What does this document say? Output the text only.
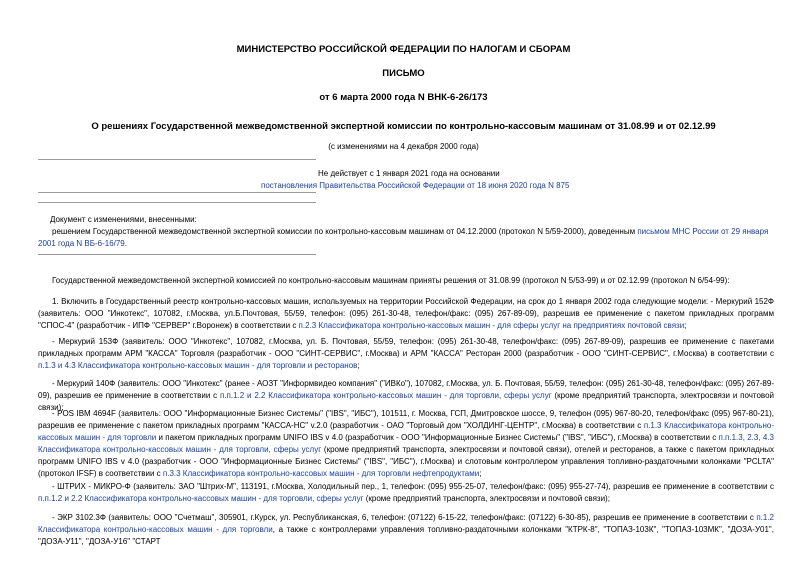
МИНИСТЕРСТВО РОССИЙСКОЙ ФЕДЕРАЦИИ ПО НАЛОГАМ И СБОРАМ
ПИСЬМО
от 6 марта 2000 года N ВНК-6-26/173
О решениях Государственной межведомственной экспертной комиссии по контрольно-кассовым машинам от 31.08.99 и от 02.12.99
(с изменениями на 4 декабря 2000 года)
Не действует с 1 января 2021 года на основании
постановления Правительства Российской Федерации от 18 июня 2020 года N 875
Документ с изменениями, внесенными:
решением Государственной межведомственной экспертной комиссии по контрольно-кассовым машинам от 04.12.2000 (протокол N 5/59-2000), доведенным письмом МНС России от 29 января 2001 года N ВБ-6-16/79.
Государственной межведомственной экспертной комиссией по контрольно-кассовым машинам приняты решения от 31.08.99 (протокол N 5/53-99) и от 02.12.99 (протокол N 6/54-99):
1. Включить в Государственный реестр контрольно-кассовых машин, используемых на территории Российской Федерации, на срок до 1 января 2002 года следующие модели: - Меркурий 152Ф (заявитель: ООО "Инкотекс", 107082, г.Москва, ул.Б.Почтовая, 55/59, телефон: (095) 261-30-48, телефон/факс: (095) 267-89-09), разрешив ее применение с пакетом прикладных программ "СПОС-4" (разработчик - ИПФ "СЕРВЕР" г.Воронеж) в соответствии с п.2.3 Классификатора контрольно-кассовых машин - для сферы услуг на предприятиях почтовой связи;
- Меркурий 153Ф (заявитель: ООО "Инкотекс", 107082, г.Москва, ул. Б. Почтовая, 55/59, телефон: (095) 261-30-48, телефон/факс: (095) 267-89-09), разрешив ее применение с пакетами прикладных программ АРМ "КАССА" Торговля (разработчик - ООО "СИНТ-СЕРВИС", г.Москва) и АРМ "КАССА" Ресторан 2000 (разработчик - ООО "СИНТ-СЕРВИС", г.Москва) в соответствии с п.1.3 и 4.3 Классификатора контрольно-кассовых машин - для торговли и ресторанов;
- Меркурий 140Ф (заявитель: ООО "Инкотекс" (ранее - АОЗТ "Информвидео компания" ("ИВКо"), 107082, г.Москва, ул. Б. Почтовая, 55/59, телефон: (095) 261-30-48, телефон/факс: (095) 267-89-09), разрешив ее применение в соответствии с п.п.1.2 и 2.2 Классификатора контрольно-кассовых машин - для торговли, сферы услуг (кроме предприятий транспорта, электросвязи и почтовой связи);
- POS IBM 4694F (заявитель: ООО "Информационные Бизнес Системы" ("IBS", "ИБС"), 101511, г. Москва, ГСП, Дмитровское шоссе, 9, телефон (095) 967-80-20, телефон/факс (095) 967-80-21), разрешив ее применение с пакетом прикладных программ "КАССА-НС" v.2.0 (разработчик - ОАО "Торговый дом "ХОЛДИНГ-ЦЕНТР", г.Москва) в соответствии с п.1.3 Классификатора контрольно-кассовых машин - для торговли и пакетом прикладных программ UNIFO IBS v 4.0 (разработчик - ООО "Информационные Бизнес Системы" ("IBS", "ИБС"), г.Москва) в соответствии с п.п.1.3, 2.3, 4.3 Классификатора контрольно-кассовых машин - для торговли, сферы услуг (кроме предприятий транспорта, электросвязи и почтовой связи), отелей и ресторанов, а также с пакетом прикладных программ UNIFO IBS v 4.0 (разработчик - ООО "Информационные Бизнес Системы" ("IBS", "ИБС"), г.Москва) и слотовым контроллером управления топливно-раздаточными колонками "PCLTA" (протокол IFSF) в соответствии с п.3.3 Классификатора контрольно-кассовых машин - для торговли нефтепродуктами;
- ШТРИХ - МИКРО-Ф (заявитель: ЗАО "Штрих-М", 113191, г.Москва, Холодильный пер., 1, телефон: (095) 955-25-07, телефон/факс: (095) 955-27-74), разрешив ее применение в соответствии с п.п.1.2 и 2.2 Классификатора контрольно-кассовых машин - для торговли, сферы услуг (кроме предприятий транспорта, электросвязи и почтовой связи);
- ЭКР 3102.3Ф (заявитель: ООО "Счетмаш", 305901, г.Курск, ул. Республиканская, 6, телефон: (07122) 6-15-22, телефон/факс: (07122) 6-30-85), разрешив ее применение в соответствии с п.1.2 Классификатора контрольно-кассовых машин - для торговли, а также с контроллерами управления топливно-раздаточными колонками "КТРК-8", "ТОПАЗ-103К", "ТОПАЗ-103МК", "ДОЗА-У01", "ДОЗА-У11", "ДОЗА-У16" "СТАРТ
